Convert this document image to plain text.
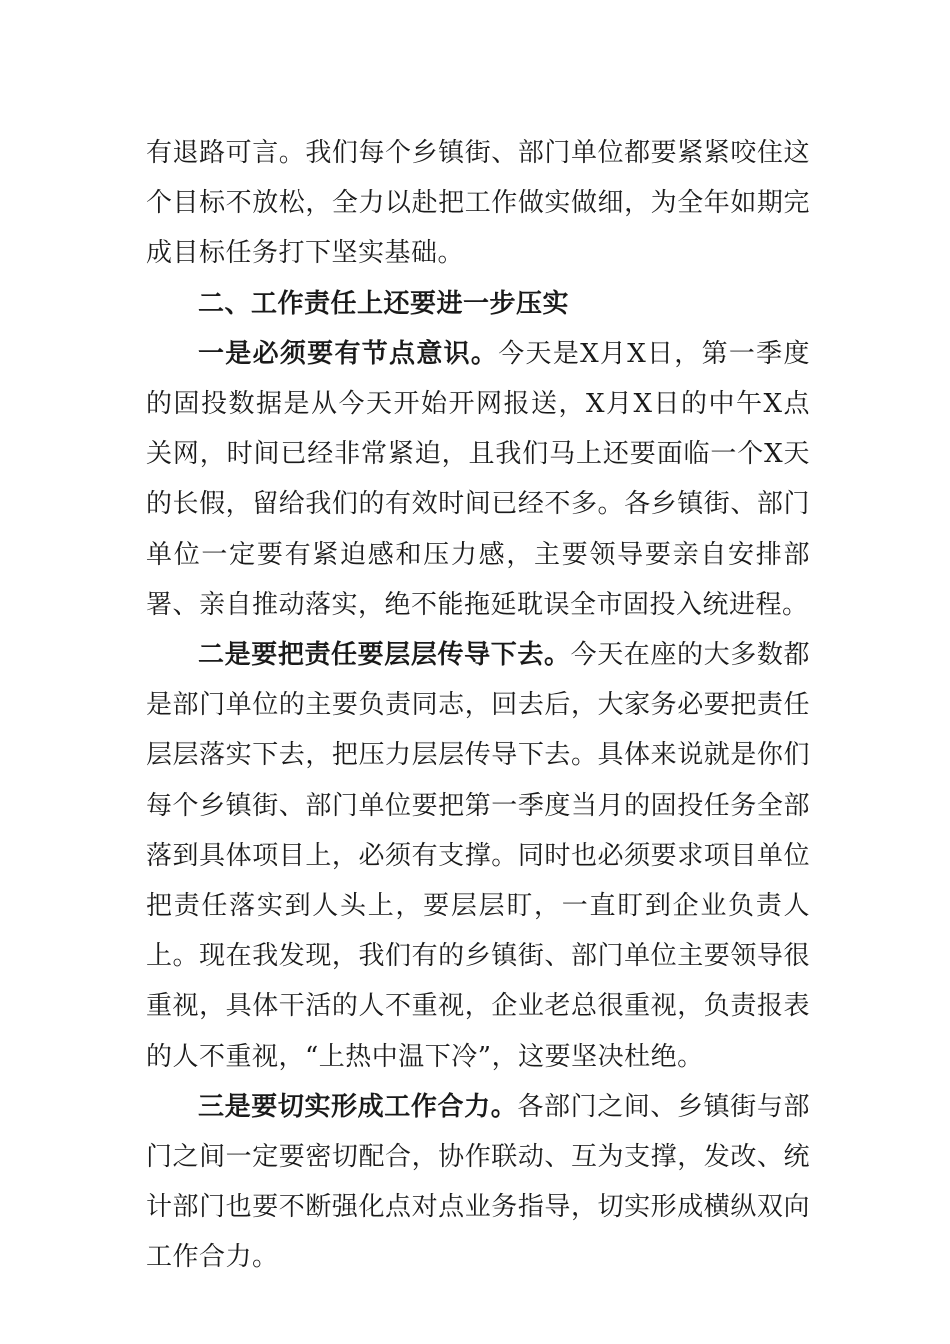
有退路可言。我们每个乡镇街、部门单位都要紧紧咬住这个目标不放松，全力以赴把工作做实做细，为全年如期完成目标任务打下坚实基础。

二、工作责任上还要进一步压实

一是必须要有节点意识。今天是X月X日，第一季度的固投数据是从今天开始开网报送，X月X日的中午X点关网，时间已经非常紧迫，且我们马上还要面临一个X天的长假，留给我们的有效时间已经不多。各乡镇街、部门单位一定要有紧迫感和压力感，主要领导要亲自安排部署、亲自推动落实，绝不能拖延耽误全市固投入统进程。

二是要把责任要层层传导下去。今天在座的大多数都是部门单位的主要负责同志，回去后，大家务必要把责任层层落实下去，把压力层层传导下去。具体来说就是你们每个乡镇街、部门单位要把第一季度当月的固投任务全部落到具体项目上，必须有支撑。同时也必须要求项目单位把责任落实到人头上，要层层盯，一直盯到企业负责人上。现在我发现，我们有的乡镇街、部门单位主要领导很重视，具体干活的人不重视，企业老总很重视，负责报表的人不重视，“上热中温下冷”，这要坚决杜绝。

三是要切实形成工作合力。各部门之间、乡镇街与部门之间一定要密切配合，协作联动、互为支撑，发改、统计部门也要不断强化点对点业务指导，切实形成横纵双向工作合力。
